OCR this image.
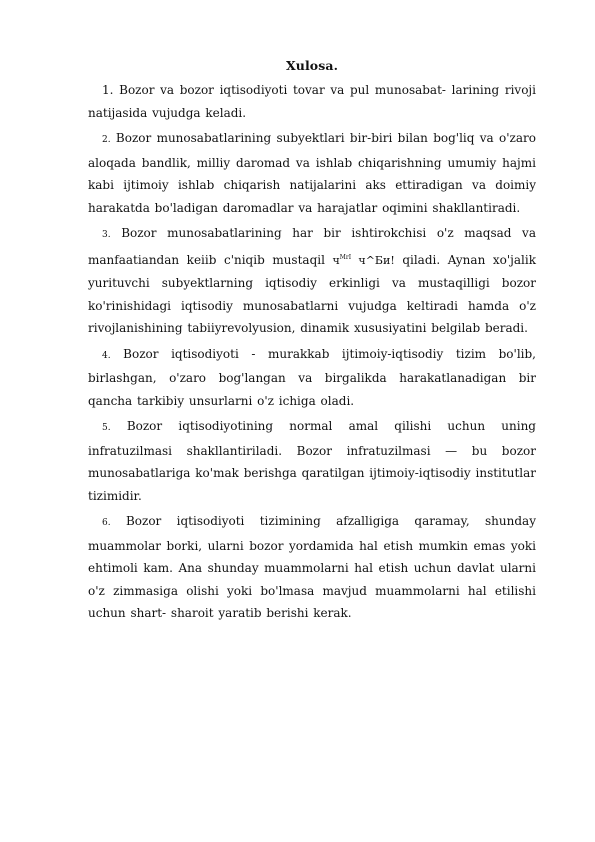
Xulosa.

1. Bozor va bozor iqtisodiyoti tovar va pul munosabat- larining rivoji natijasida vujudga keladi.

2. Bozor munosabatlarining subyektlari bir-biri bilan bog'liq va o'zaro aloqada bandlik, milliy daromad va ishlab chiqarishning umumiy hajmi kabi ijtimoiy ishlab chiqarish natijalarini aks ettiradigan va doimiy harakatda bo'ladigan daromadlar va harajatlar oqimini shakllantiradi.

3. Bozor munosabatlarining har bir ishtirokchisi o'z maqsad va manfaatiandan keiib c'niqib mustaqil $ч^{MrI}$ ч^Би! qiladi. Aynan xo'jalik yurituvchi subyektlarning iqtisodiy erkinligi va mustaqilligi bozor ko'rinishidagi iqtisodiy munosabatlarni vujudga keltiradi hamda o'z rivojlanishining tabiiyrevolyusion, dinamik xususiyatini belgilab beradi.

4. Bozor iqtisodiyoti - murakkab ijtimoiy-iqtisodiy tizim bo'lib, birlashgan, o'zaro bog'langan va birgalikda harakatlanadigan bir qancha tarkibiy unsurlarni o'z ichiga oladi.

5. Bozor iqtisodiyotining normal amal qilishi uchun uning infratuzilmasi shakllantiriladi. Bozor infratuzilmasi — bu bozor munosabatlariga ko'mak berishga qaratilgan ijtimoiy-iqtisodiy institutlar tizimidir.

6. Bozor iqtisodiyoti tizimining afzalligiga qaramay, shunday muammolar borki, ularni bozor yordamida hal etish mumkin emas yoki ehtimoli kam. Ana shunday muammolarni hal etish uchun davlat ularni o'z zimmasiga olishi yoki bo'lmasa mavjud muammolarni hal etilishi uchun shart- sharoit yaratib berishi kerak.
